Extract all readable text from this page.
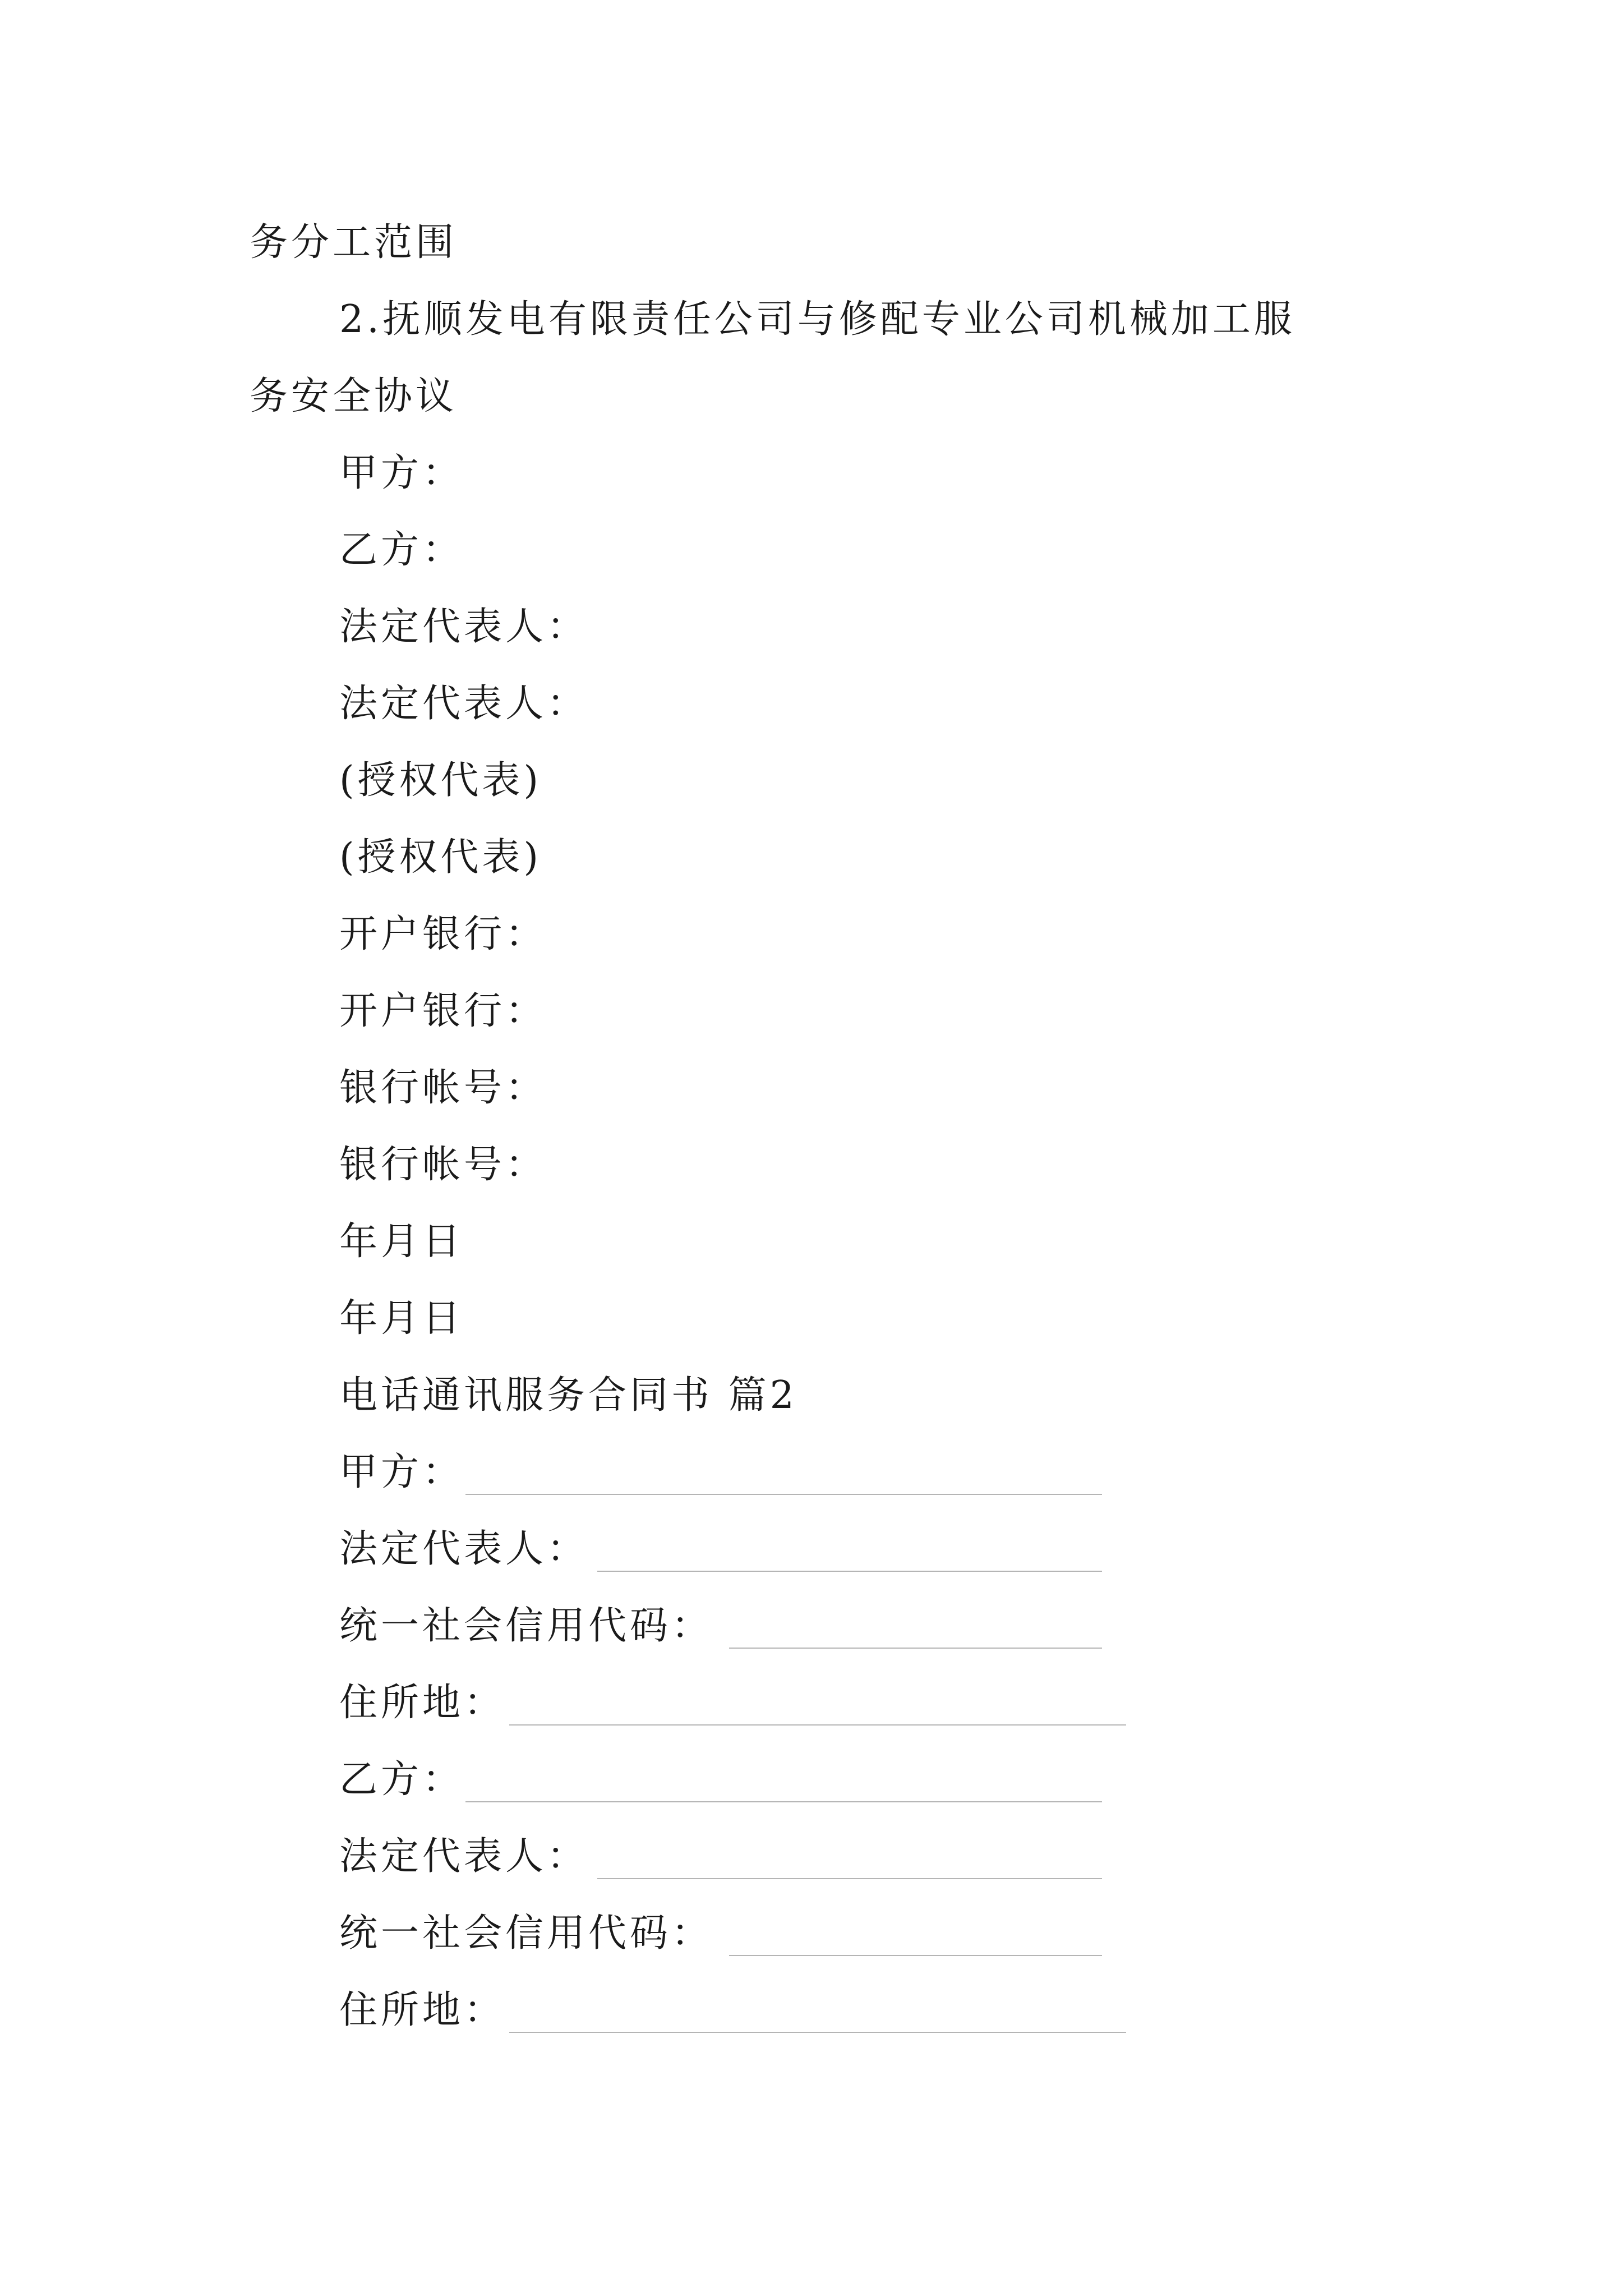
务分工范围
2.抚顺发电有限责任公司与修配专业公司机械加工服
务安全协议
甲方：
乙方：
法定代表人：
法定代表人：
(授权代表)
(授权代表)
开户银行：
开户银行：
银行帐号：
银行帐号：
年月日
年月日
电话通讯服务合同书 篇2
甲方：
法定代表人：
统一社会信用代码：
住所地：
乙方：
法定代表人：
统一社会信用代码：
住所地：
